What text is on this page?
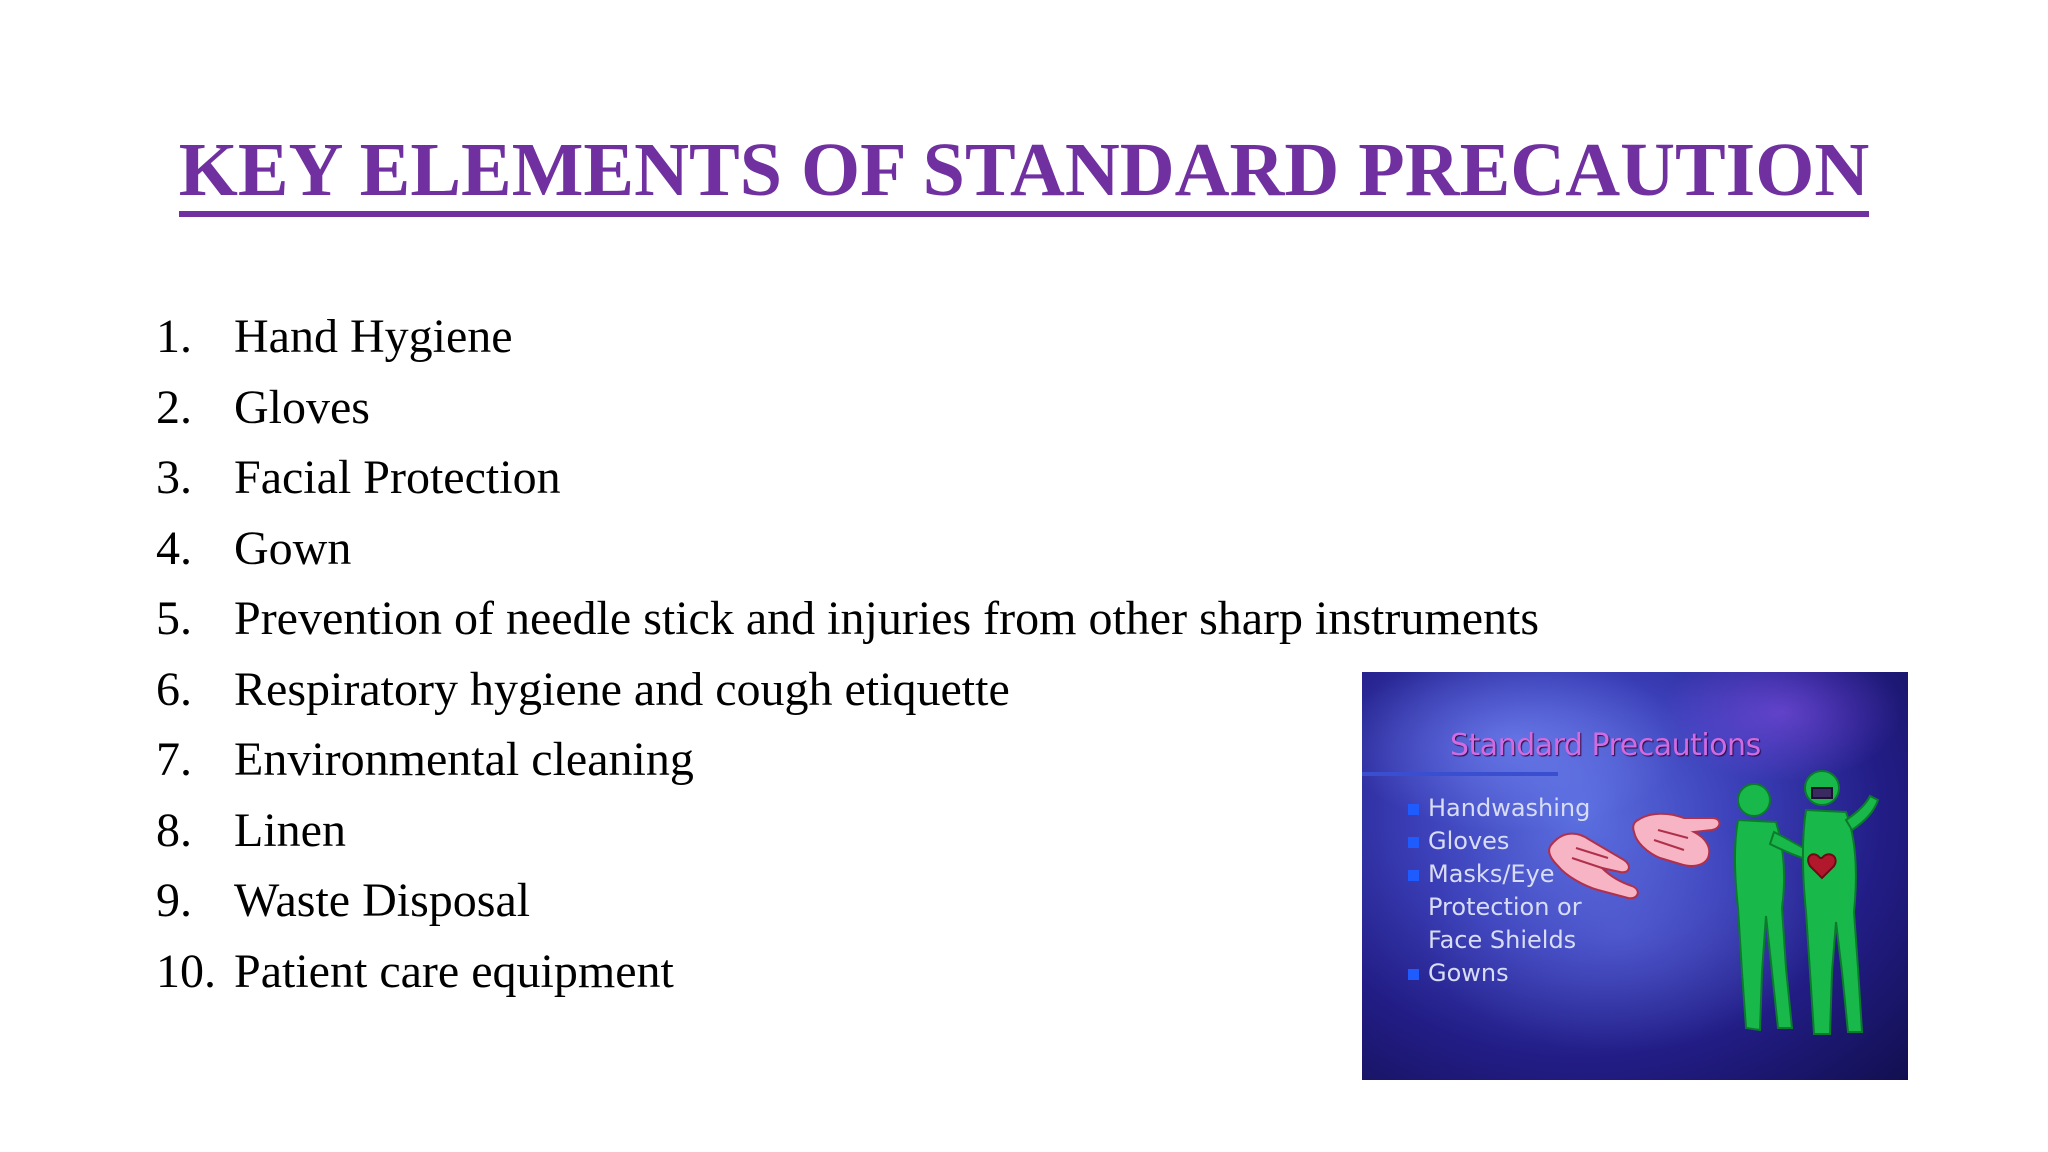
KEY ELEMENTS OF STANDARD PRECAUTION
1. Hand Hygiene
2. Gloves
3. Facial Protection
4. Gown
5. Prevention of needle stick and injuries from other sharp instruments
6. Respiratory hygiene and cough etiquette
7. Environmental cleaning
8. Linen
9. Waste Disposal
10. Patient care equipment
Standard Precautions
Handwashing
Gloves
Masks/Eye
Protection or
Face Shields
Gowns
